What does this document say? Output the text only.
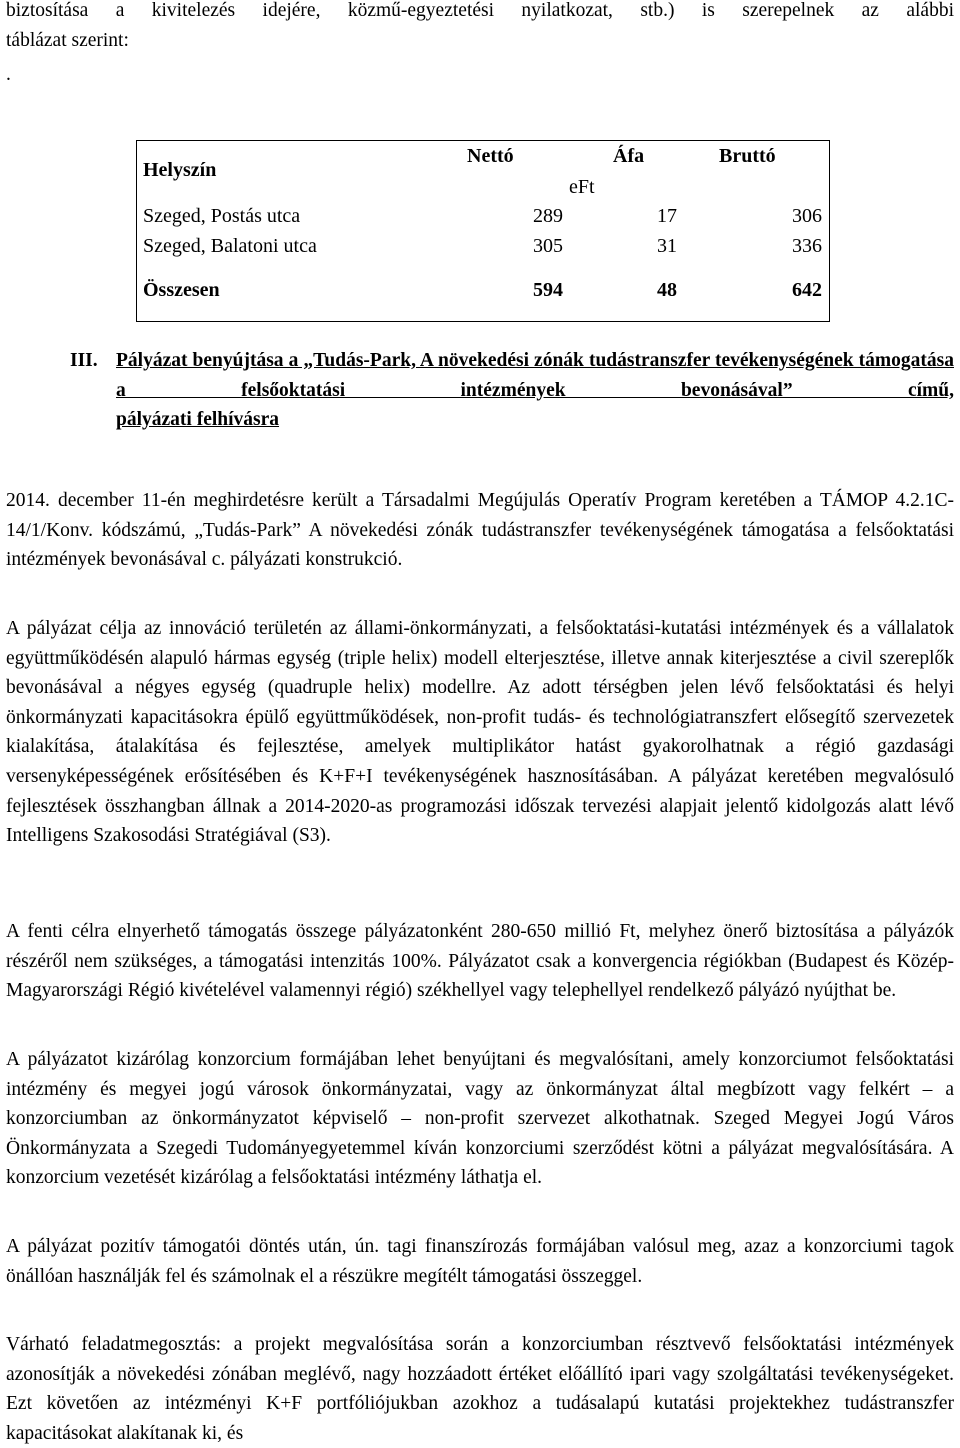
biztosítása a kivitelezés idejére, közmű-egyeztetési nyilatkozat, stb.) is szerepelnek az alábbi
táblázat szerint:
.
Helyszín
Nettó	Áfa	Bruttó
eFt
Szeged, Postás utca	289	17	306
Szeged, Balatoni utca	305	31	336
Összesen	594	48	642
III. Pályázat benyújtása a „Tudás-Park, A növekedési zónák tudástranszfer tevékenységének támogatása a felsőoktatási intézmények bevonásával” című,
pályázati felhívásra

2014. december 11-én meghirdetésre került a Társadalmi Megújulás Operatív Program keretében a TÁMOP 4.2.1C-14/1/Konv. kódszámú, „Tudás-Park” A növekedési zónák tudástranszfer tevékenységének támogatása a felsőoktatási intézmények bevonásával c. pályázati konstrukció.

A pályázat célja az innováció területén az állami-önkormányzati, a felsőoktatási-kutatási intézmények és a vállalatok együttműködésén alapuló hármas egység (triple helix) modell elterjesztése, illetve annak kiterjesztése a civil szereplők bevonásával a négyes egység (quadruple helix) modellre. Az adott térségben jelen lévő felsőoktatási és helyi önkormányzati kapacitásokra épülő együttműködések, non-profit tudás- és technológiatranszfert elősegítő szervezetek kialakítása, átalakítása és fejlesztése, amelyek multiplikátor hatást gyakorolhatnak a régió gazdasági versenyképességének erősítésében és K+F+I tevékenységének hasznosításában. A pályázat keretében megvalósuló fejlesztések összhangban állnak a 2014-2020-as programozási időszak tervezési alapjait jelentő kidolgozás alatt lévő Intelligens Szakosodási Stratégiával (S3).

A fenti célra elnyerhető támogatás összege pályázatonként 280-650 millió Ft, melyhez önerő biztosítása a pályázók részéről nem szükséges, a támogatási intenzitás 100%. Pályázatot csak a konvergencia régiókban (Budapest és Közép-Magyarországi Régió kivételével valamennyi régió) székhellyel vagy telephellyel rendelkező pályázó nyújthat be.

A pályázatot kizárólag konzorcium formájában lehet benyújtani és megvalósítani, amely konzorciumot felsőoktatási intézmény és megyei jogú városok önkormányzatai, vagy az önkormányzat által megbízott vagy felkért – a konzorciumban az önkormányzatot képviselő – non-profit szervezet alkothatnak. Szeged Megyei Jogú Város Önkormányzata a Szegedi Tudományegyetemmel kíván konzorciumi szerződést kötni a pályázat megvalósítására. A konzorcium vezetését kizárólag a felsőoktatási intézmény láthatja el.

A pályázat pozitív támogatói döntés után, ún. tagi finanszírozás formájában valósul meg, azaz a konzorciumi tagok önállóan használják fel és számolnak el a részükre megítélt támogatási összeggel.

Várható feladatmegosztás: a projekt megvalósítása során a konzorciumban résztvevő felsőoktatási intézmények azonosítják a növekedési zónában meglévő, nagy hozzáadott értéket előállító ipari vagy szolgáltatási tevékenységeket. Ezt követően az intézményi K+F portfóliójukban azokhoz a tudásalapú kutatási projektekhez tudástranszfer kapacitásokat alakítanak ki, és
